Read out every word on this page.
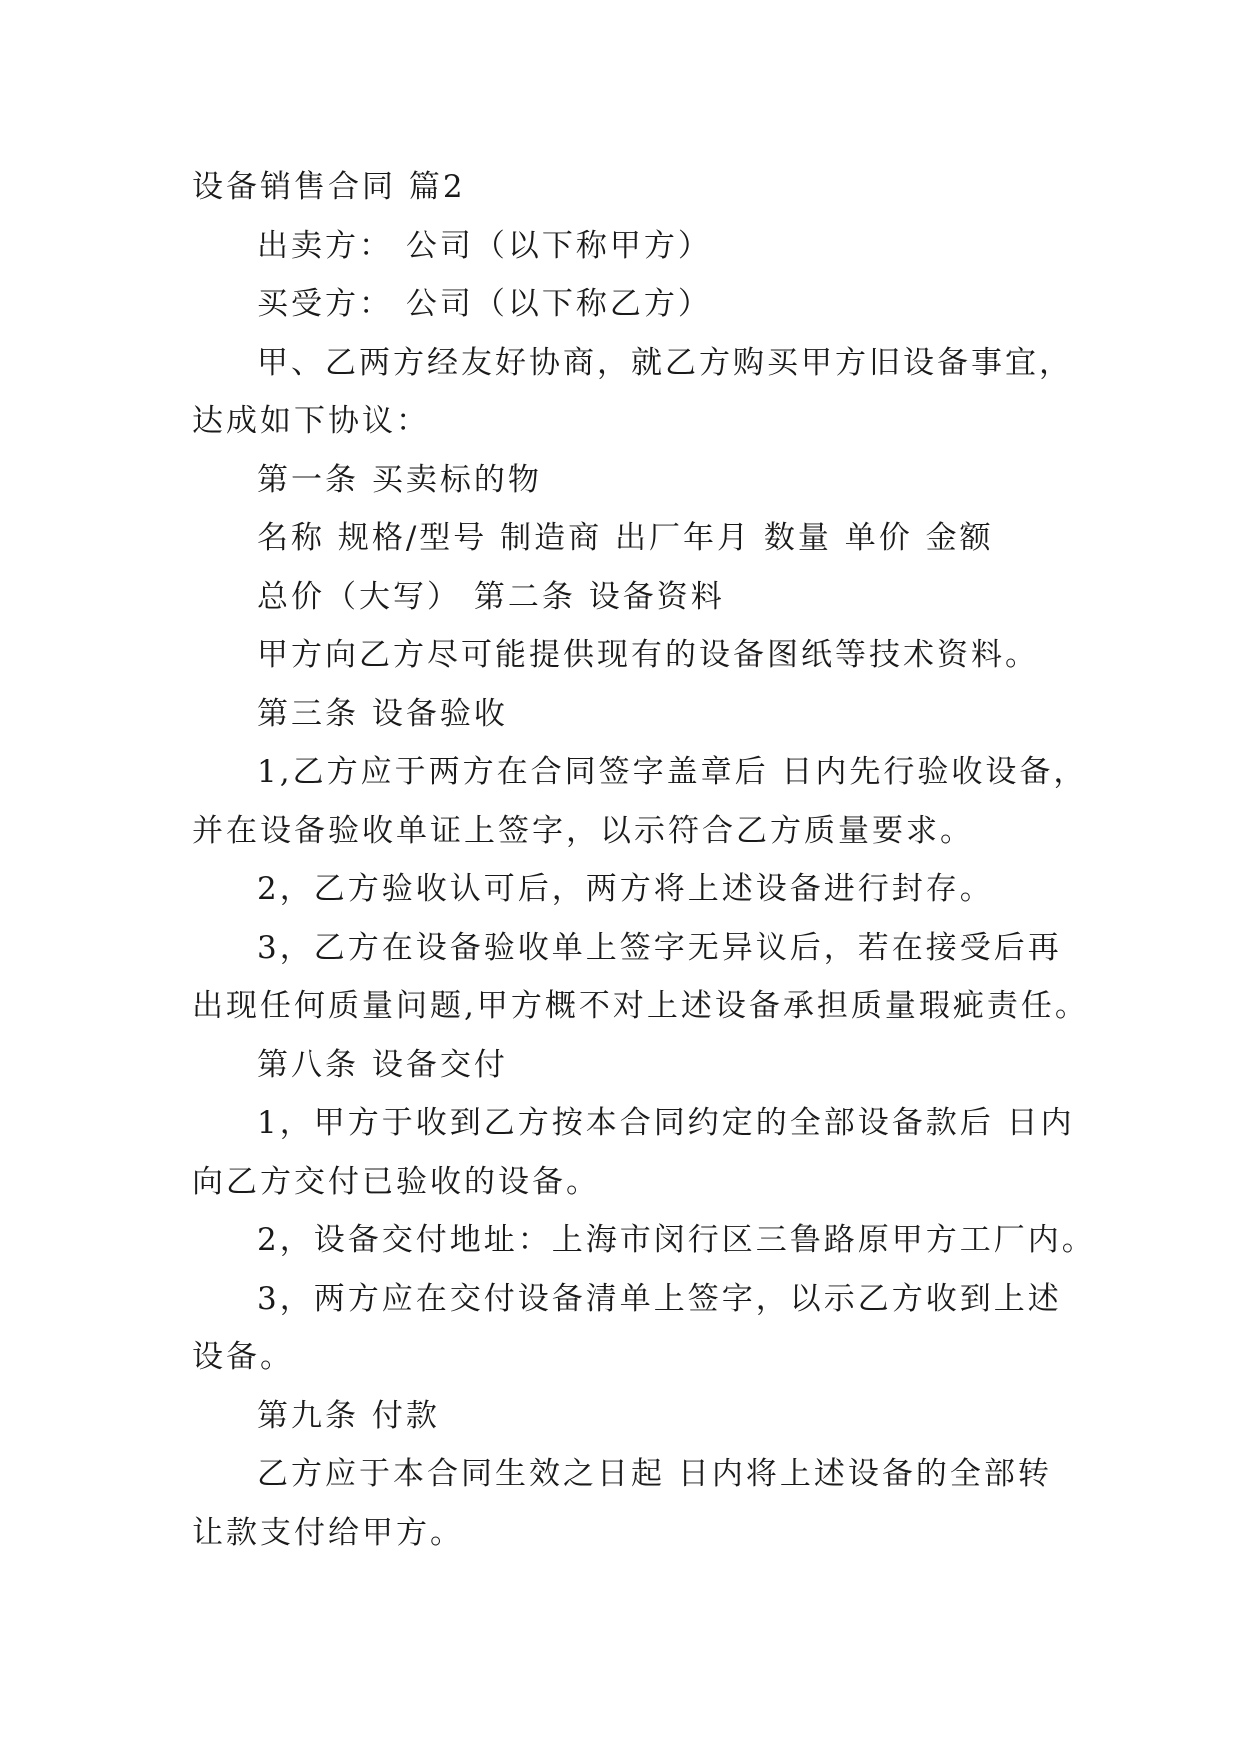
设备销售合同 篇2

出卖方： 公司（以下称甲方）

买受方： 公司（以下称乙方）

甲、乙两方经友好协商，就乙方购买甲方旧设备事宜，

达成如下协议：

第一条 买卖标的物

名称 规格/型号 制造商 出厂年月 数量 单价 金额

总价（大写） 第二条 设备资料

甲方向乙方尽可能提供现有的设备图纸等技术资料。

第三条 设备验收

1,乙方应于两方在合同签字盖章后 日内先行验收设备，

并在设备验收单证上签字，以示符合乙方质量要求。

2，乙方验收认可后，两方将上述设备进行封存。

3，乙方在设备验收单上签字无异议后，若在接受后再

出现任何质量问题,甲方概不对上述设备承担质量瑕疵责任。

第八条 设备交付

1，甲方于收到乙方按本合同约定的全部设备款后 日内

向乙方交付已验收的设备。

2，设备交付地址：上海市闵行区三鲁路原甲方工厂内。

3，两方应在交付设备清单上签字，以示乙方收到上述

设备。

第九条 付款

乙方应于本合同生效之日起 日内将上述设备的全部转

让款支付给甲方。
